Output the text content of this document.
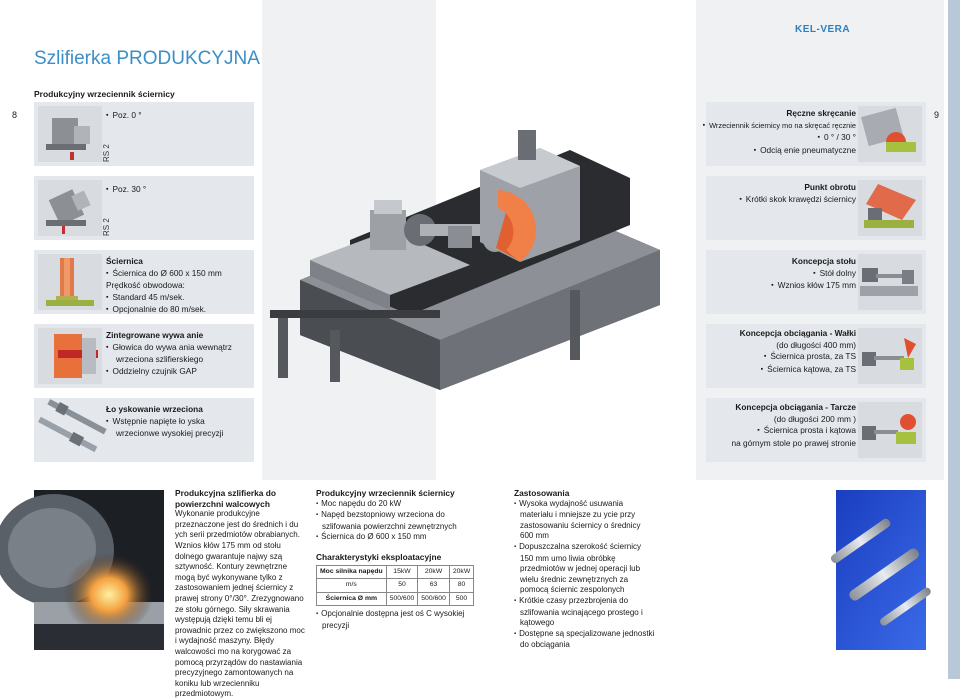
Szlifierka PRODUKCYJNA
KEL-VERA
Produkcyjny wrzeciennik ściernicy
8	9
▪ Poz. 0 °
RS 2
▪ Poz. 30 °
RS 2
Ściernica
▪ Ściernica do Ø 600 x 150 mm
Prędkość obwodowa:
▪ Standard 45 m/sek.
▪ Opcjonalnie do 80 m/sek.
Zintegrowane wywa anie
▪ Głowica do wywa ania wewnątrz
wrzeciona szlifierskiego
▪ Oddzielny czujnik GAP
Ło yskowanie wrzeciona
▪ Wstępnie napięte ło yska
wrzecionwe wysokiej precyzji
Ręczne skręcanie
▪ Wrzeciennik ściernicy mo na skręcać ręcznie
▪ 0 ° / 30 °
▪ Odcią enie pneumatyczne
Punkt obrotu
▪ Krótki skok krawędzi ściernicy
Koncepcja stołu
▪ Stół dolny
▪ Wznios kłów 175 mm
Koncepcja obciągania - Wałki
(do długości 400 mm)
▪ Ściernica prosta, za TS
▪ Ściernica kątowa, za TS
Koncepcja obciągania - Tarcze
(do długości 200 mm )
▪ Ściernica prosta i kątowa
na górnym stole po prawej stronie
Produkcyjna szlifierka do powierzchni walcowych
Wykonanie produkcyjne przeznaczone jest do średnich i du ych serii przedmiotów obrabianych. Wznios kłów 175 mm od stołu dolnego gwarantuje najwy szą sztywność. Kontury zewnętrzne mogą być wykonywane tylko z zastosowaniem jednej ściernicy z prawej strony 0°/30°. Zrezygnowano ze stołu górnego. Siły skrawania występują dzięki temu bli ej prowadnic przez co zwiększono moc i wydajność maszyny. Błędy walcowości mo na korygować za pomocą przyrządów do nastawiania precyzyjnego zamontowanych na koniku lub wrzecienniku przedmiotowym.
Produkcyjny wrzeciennik ściernicy
▪ Moc napędu do 20 kW
▪ Napęd bezstopniowy wrzeciona do szlifowania powierzchni zewnętrznych
▪ Ściernica do Ø 600 x 150 mm
Charakterystyki eksploatacyjne
Moc silnika napędu	15kW	20kW	20kW
m/s	50	63	80
Ściernica Ø mm	500/600	500/600	500
▪ Opcjonalnie dostępna jest oś C wysokiej precyzji
Zastosowania
▪ Wysoka wydajność usuwania materiału i mniejsze zu ycie przy zastosowaniu ściernicy o średnicy 600 mm
▪ Dopuszczalna szerokość ściernicy 150 mm umo liwia obróbkę przedmiotów w jednej operacji lub wielu średnic zewnętrznych za pomocą ściernic zespolonych
▪ Krótkie czasy przezbrojenia do szlifowania wcinającego prostego i kątowego
▪ Dostępne są specjalizowane jednostki do obciągania
